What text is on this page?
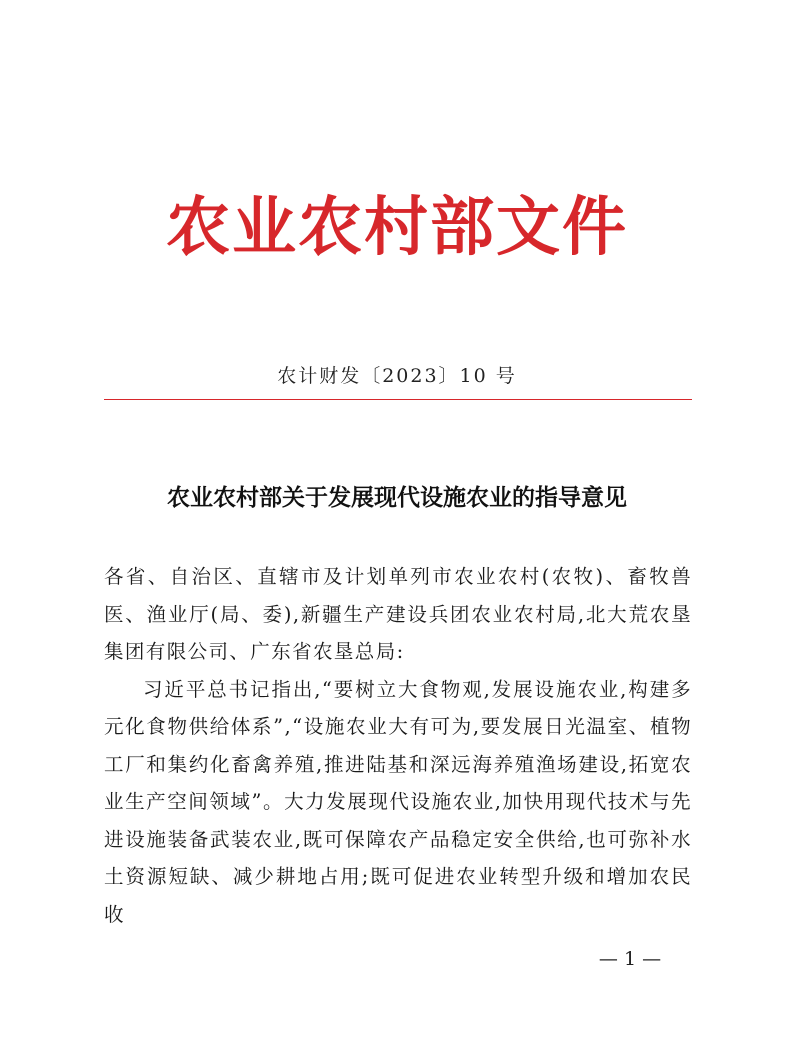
农业农村部文件
农计财发〔2023〕10 号
农业农村部关于发展现代设施农业的指导意见

各省、自治区、直辖市及计划单列市农业农村(农牧)、畜牧兽医、渔业厅(局、委),新疆生产建设兵团农业农村局,北大荒农垦集团有限公司、广东省农垦总局:

习近平总书记指出,“要树立大食物观,发展设施农业,构建多元化食物供给体系”,“设施农业大有可为,要发展日光温室、植物工厂和集约化畜禽养殖,推进陆基和深远海养殖渔场建设,拓宽农业生产空间领域”。大力发展现代设施农业,加快用现代技术与先进设施装备武装农业,既可保障农产品稳定安全供给,也可弥补水土资源短缺、减少耕地占用;既可促进农业转型升级和增加农民收

— 1 —
